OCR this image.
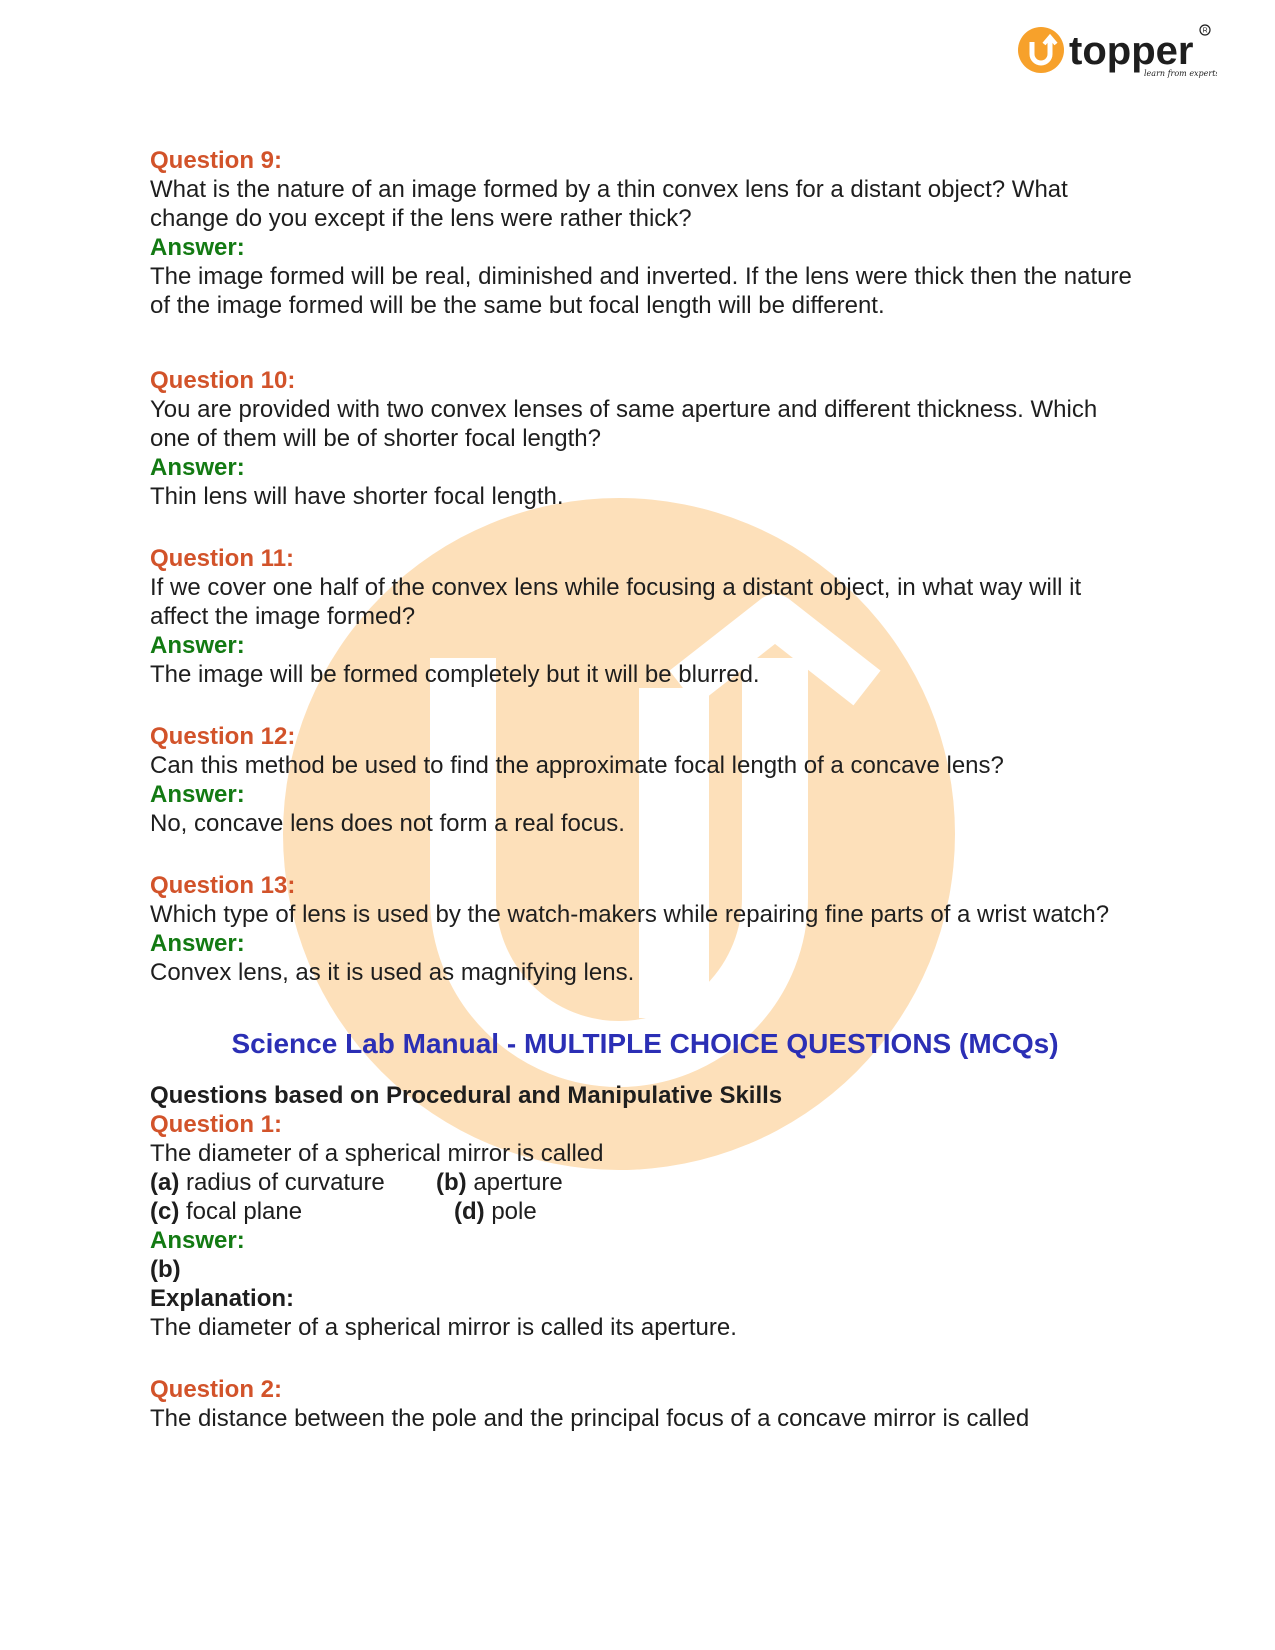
topper
learn from experts
R
Question 9:
What is the nature of an image formed by a thin convex lens for a distant object? What change do you except if the lens were rather thick?
Answer:
The image formed will be real, diminished and inverted. If the lens were thick then the nature of the image formed will be the same but focal length will be different.
Question 10:
You are provided with two convex lenses of same aperture and different thickness. Which one of them will be of shorter focal length?
Answer:
Thin lens will have shorter focal length.
Question 11:
If we cover one half of the convex lens while focusing a distant object, in what way will it affect the image formed?
Answer:
The image will be formed completely but it will be blurred.
Question 12:
Can this method be used to find the approximate focal length of a concave lens?
Answer:
No, concave lens does not form a real focus.
Question 13:
Which type of lens is used by the watch-makers while repairing fine parts of a wrist watch?
Answer:
Convex lens, as it is used as magnifying lens.
Science Lab Manual - MULTIPLE CHOICE QUESTIONS (MCQs)
Questions based on Procedural and Manipulative Skills
Question 1:
The diameter of a spherical mirror is called
(a) radius of curvature	(b) aperture
(c) focal plane	(d) pole
Answer:
(b)
Explanation:
The diameter of a spherical mirror is called its aperture.
Question 2:
The distance between the pole and the principal focus of a concave mirror is called
